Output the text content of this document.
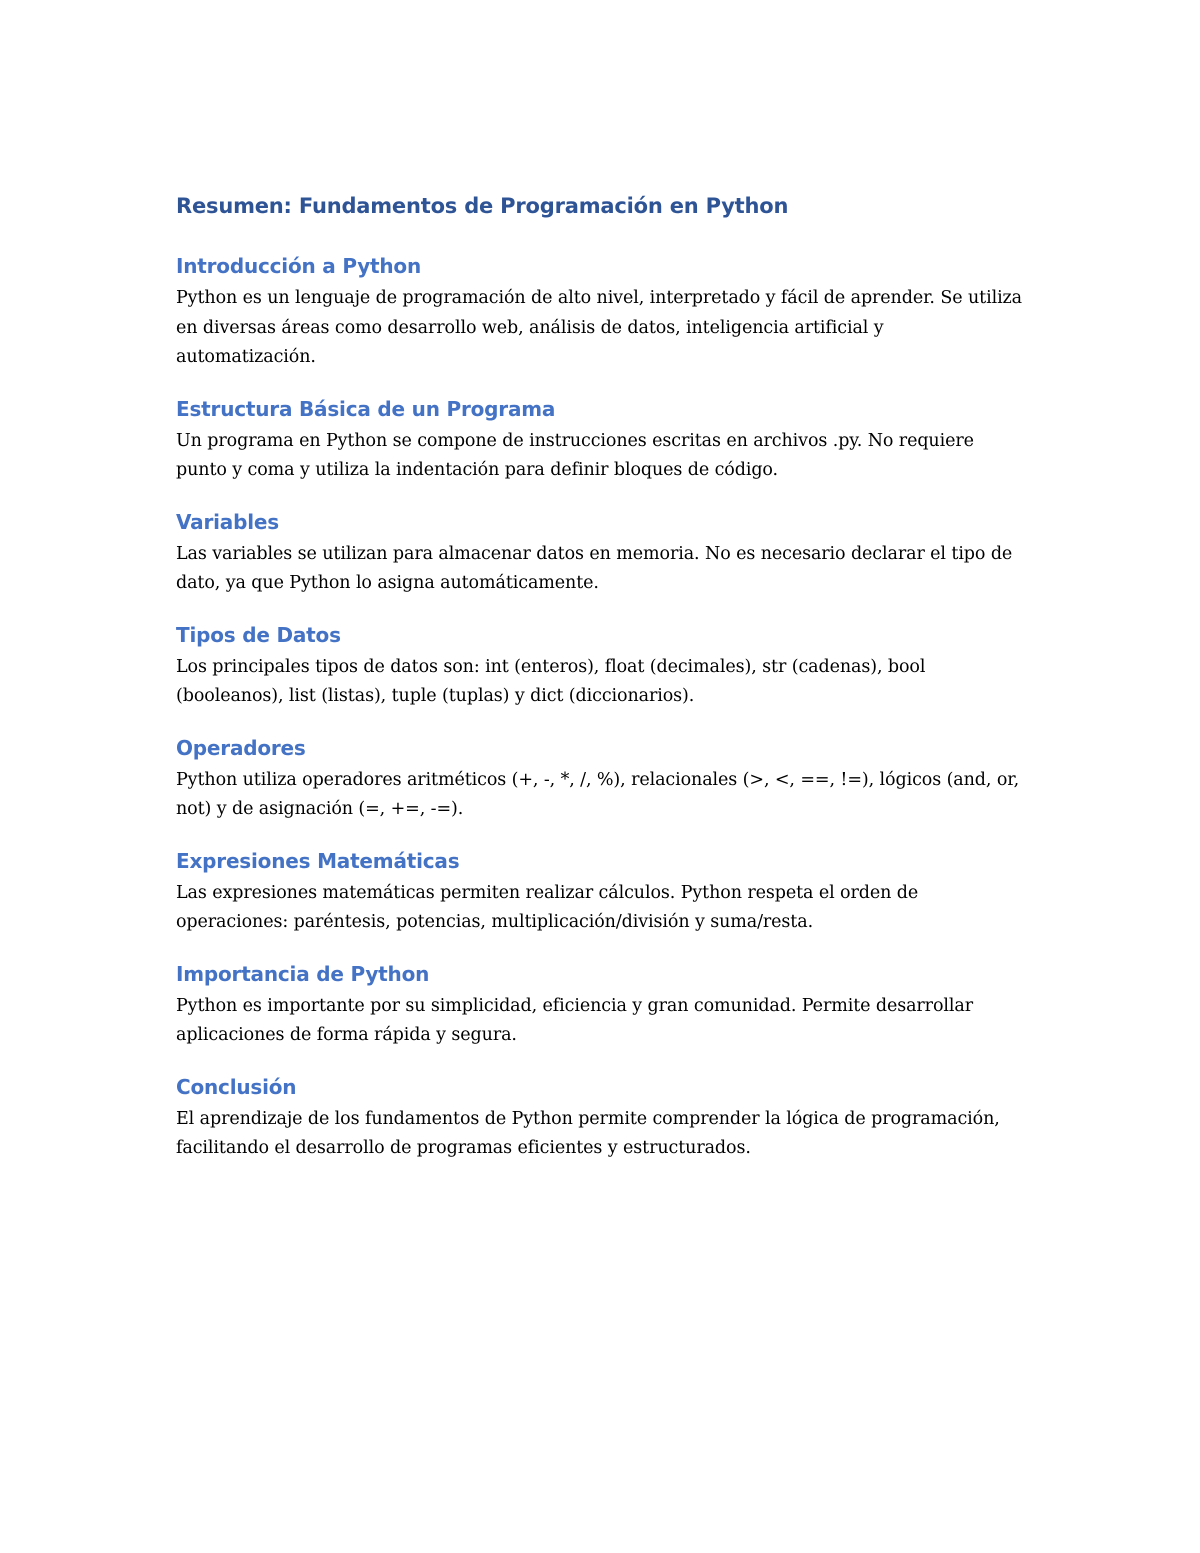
Resumen: Fundamentos de Programación en Python
Introducción a Python

Python es un lenguaje de programación de alto nivel, interpretado y fácil de aprender. Se utiliza en diversas áreas como desarrollo web, análisis de datos, inteligencia artificial y automatización.

Estructura Básica de un Programa

Un programa en Python se compone de instrucciones escritas en archivos .py. No requiere punto y coma y utiliza la indentación para definir bloques de código.

Variables

Las variables se utilizan para almacenar datos en memoria. No es necesario declarar el tipo de dato, ya que Python lo asigna automáticamente.

Tipos de Datos

Los principales tipos de datos son: int (enteros), float (decimales), str (cadenas), bool (booleanos), list (listas), tuple (tuplas) y dict (diccionarios).

Operadores

Python utiliza operadores aritméticos (+, -, *, /, %), relacionales (>, <, ==, !=), lógicos (and, or, not) y de asignación (=, +=, -=).

Expresiones Matemáticas

Las expresiones matemáticas permiten realizar cálculos. Python respeta el orden de operaciones: paréntesis, potencias, multiplicación/división y suma/resta.

Importancia de Python

Python es importante por su simplicidad, eficiencia y gran comunidad. Permite desarrollar aplicaciones de forma rápida y segura.

Conclusión

El aprendizaje de los fundamentos de Python permite comprender la lógica de programación, facilitando el desarrollo de programas eficientes y estructurados.
